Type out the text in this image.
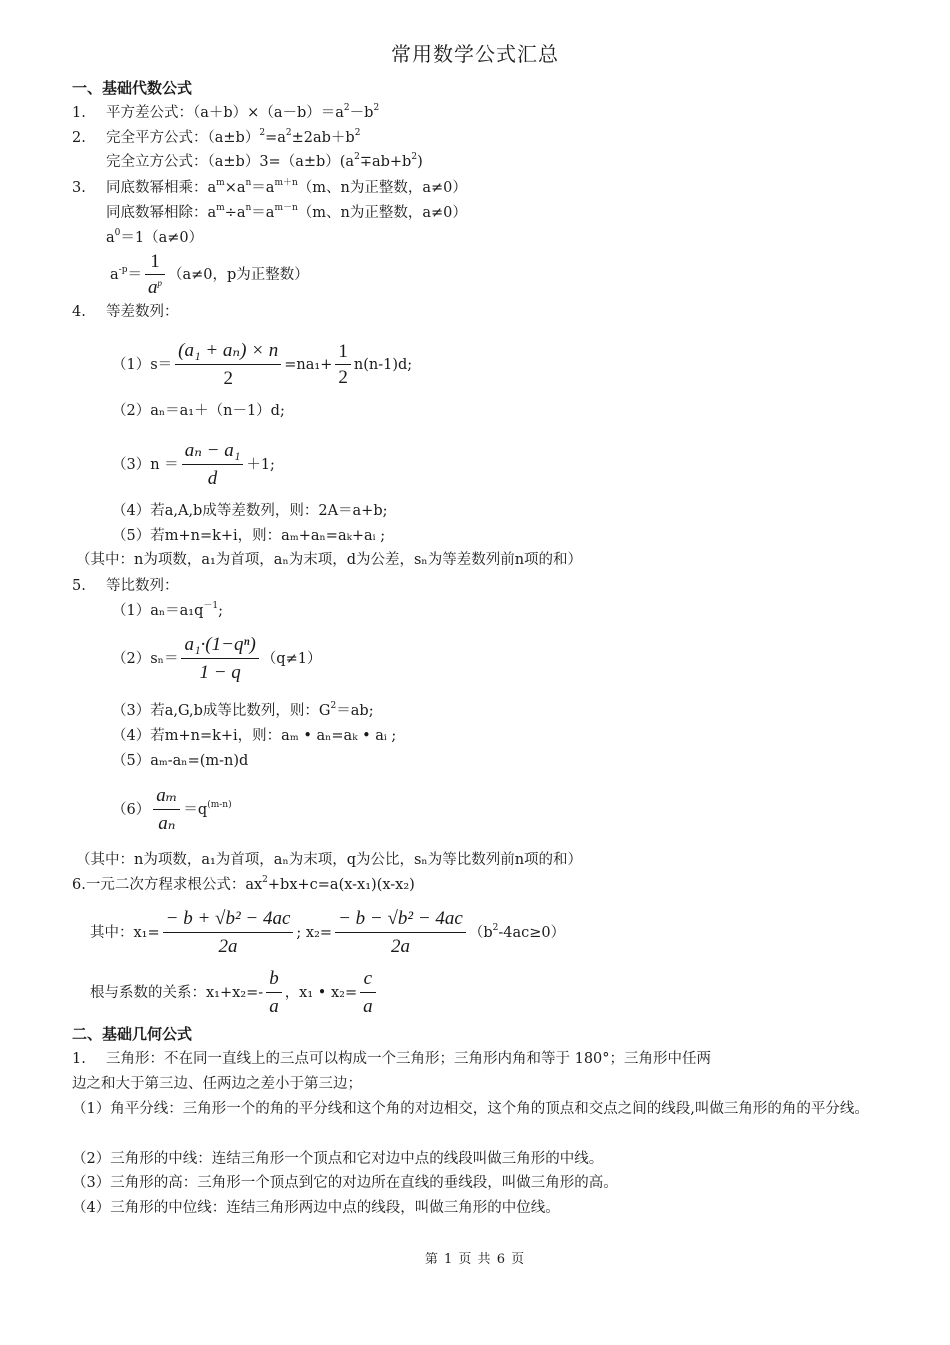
常用数学公式汇总
一、基础代数公式
1. 平方差公式：$(a+b)\times(a-b)=a^2-b^2$
2. 完全平方公式：$(a\pm b)^2=a^2\pm 2ab+b^2$
完全立方公式：$(a\pm b)3=(a\pm b)(a^2\mp ab+b^2)$
3. 同底数幂相乘：$a^m\times a^n=a^{m+n}(m$、n为正整数，a≠0）
同底数幂相除：$a^m\div a^n=a^{m-n}(m$、n为正整数，a≠0）
$a^0=1(a\ne 0)$
$a^{-p}= \frac{1}{a^p} (a\ne 0$，p为正整数）
4. 等差数列：
$(1)s= \frac{\text{(a₁ + aₙ) × n}}{2} =na_1+ \frac{1}{2} n(n-1)d$;
（2）aₙ＝a₁＋（n－1）d;
$(3)n = \frac{\text{aₙ − a₁}}{d} +1$;
（4）若a,A,b成等差数列，则：2A＝a+b;
（5）若m+n=k+i，则：aₘ+aₙ=aₖ+aᵢ ;
（其中：n为项数，a₁为首项，aₙ为末项，d为公差，sₙ为等差数列前n项的和）
5. 等比数列：
$(1)a_n=a_1q^{-1}$;
$(2)s_n= \frac{\text{a₁·(1−qⁿ)}}{1 - q} (q\ne 1)$
（3）若a,G,b成等比数列，则：$G^2=ab$;
（4）若m+n=k+i，则：aₘ • aₙ=aₖ • aᵢ ;
（5）aₘ-aₙ=(m-n)d
$(6) \frac{\text{aₘ}}{\text{aₙ}} =q^{(m-n)}$
（其中：n为项数，a₁为首项，aₙ为末项，q为公比，sₙ为等比数列前n项的和）
6.一元二次方程求根公式：$ax^2+bx+c=a(x-x_1)(x-x_2)$
其中：$x_1= \frac{\text{− b + √b² − 4ac}}{2a}$ ; $x_2= \frac{\text{− b − √b² − 4ac}}{2a} (b^2-4ac\ge 0)$
根与系数的关系：$x_1+x_2=- \frac{b}{a}$ ，x₁ • $x_2= \frac{c}{a}$
二、基础几何公式
1. 三角形：不在同一直线上的三点可以构成一个三角形；三角形内角和等于 180°；三角形中任两
边之和大于第三边、任两边之差小于第三边；
（1）角平分线：三角形一个的角的平分线和这个角的对边相交，这个角的顶点和交点之间的线段,叫做三角形的角的平分线。
（2）三角形的中线：连结三角形一个顶点和它对边中点的线段叫做三角形的中线。
（3）三角形的高：三角形一个顶点到它的对边所在直线的垂线段，叫做三角形的高。
（4）三角形的中位线：连结三角形两边中点的线段，叫做三角形的中位线。
第 1 页 共 6 页
